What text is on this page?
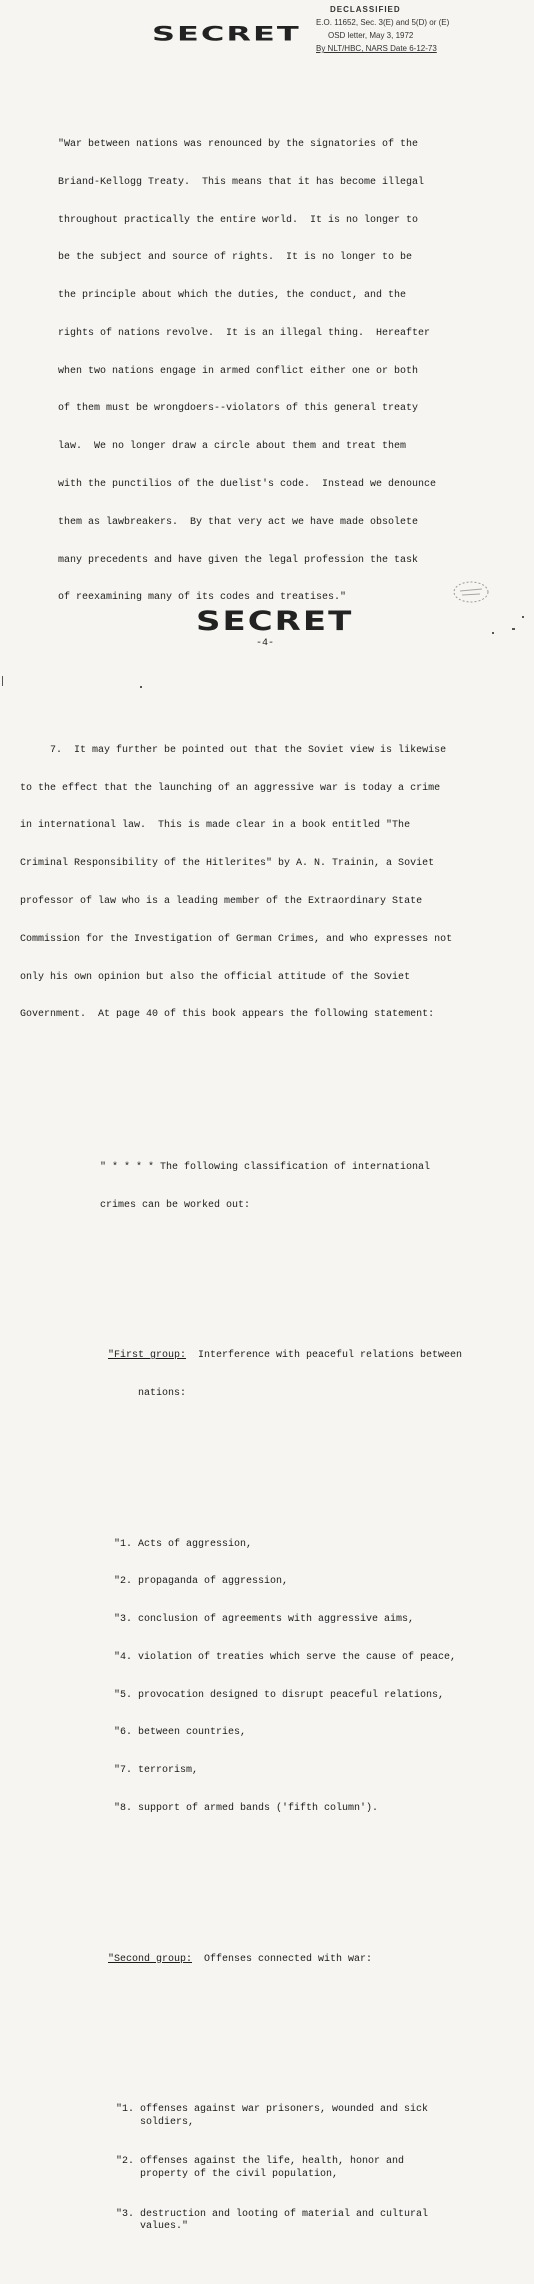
SECRET
DECLASSIFIED
E.O. 11652, Sec. 3(E) and 5(D) or (E)
OSD letter, May 3, 1972
By NLT/HBC, NARS Date 6-12-73

"War between nations was renounced by the signatories of the

Briand-Kellogg Treaty.  This means that it has become illegal

throughout practically the entire world.  It is no longer to

be the subject and source of rights.  It is no longer to be

the principle about which the duties, the conduct, and the

rights of nations revolve.  It is an illegal thing.  Hereafter

when two nations engage in armed conflict either one or both

of them must be wrongdoers--violators of this general treaty

law.  We no longer draw a circle about them and treat them

with the punctilios of the duelist's code.  Instead we denounce

them as lawbreakers.  By that very act we have made obsolete

many precedents and have given the legal profession the task

of reexamining many of its codes and treatises."

7.  It may further be pointed out that the Soviet view is likewise

to the effect that the launching of an aggressive war is today a crime

in international law.  This is made clear in a book entitled "The

Criminal Responsibility of the Hitlerites" by A. N. Trainin, a Soviet

professor of law who is a leading member of the Extraordinary State

Commission for the Investigation of German Crimes, and who expresses not

only his own opinion but also the official attitude of the Soviet

Government.  At page 40 of this book appears the following statement:

" * * * * The following classification of international

crimes can be worked out:

"First group:  Interference with peaceful relations between

nations:

"1. Acts of aggression,

"2. propaganda of aggression,

"3. conclusion of agreements with aggressive aims,

"4. violation of treaties which serve the cause of peace,

"5. provocation designed to disrupt peaceful relations,

"6. between countries,

"7. terrorism,

"8. support of armed bands ('fifth column').

"Second group:  Offenses connected with war:

"1. offenses against war prisoners, wounded and sick
soldiers,

"2. offenses against the life, health, honor and
property of the civil population,

"3. destruction and looting of material and cultural
values."

SECRET
-4-
